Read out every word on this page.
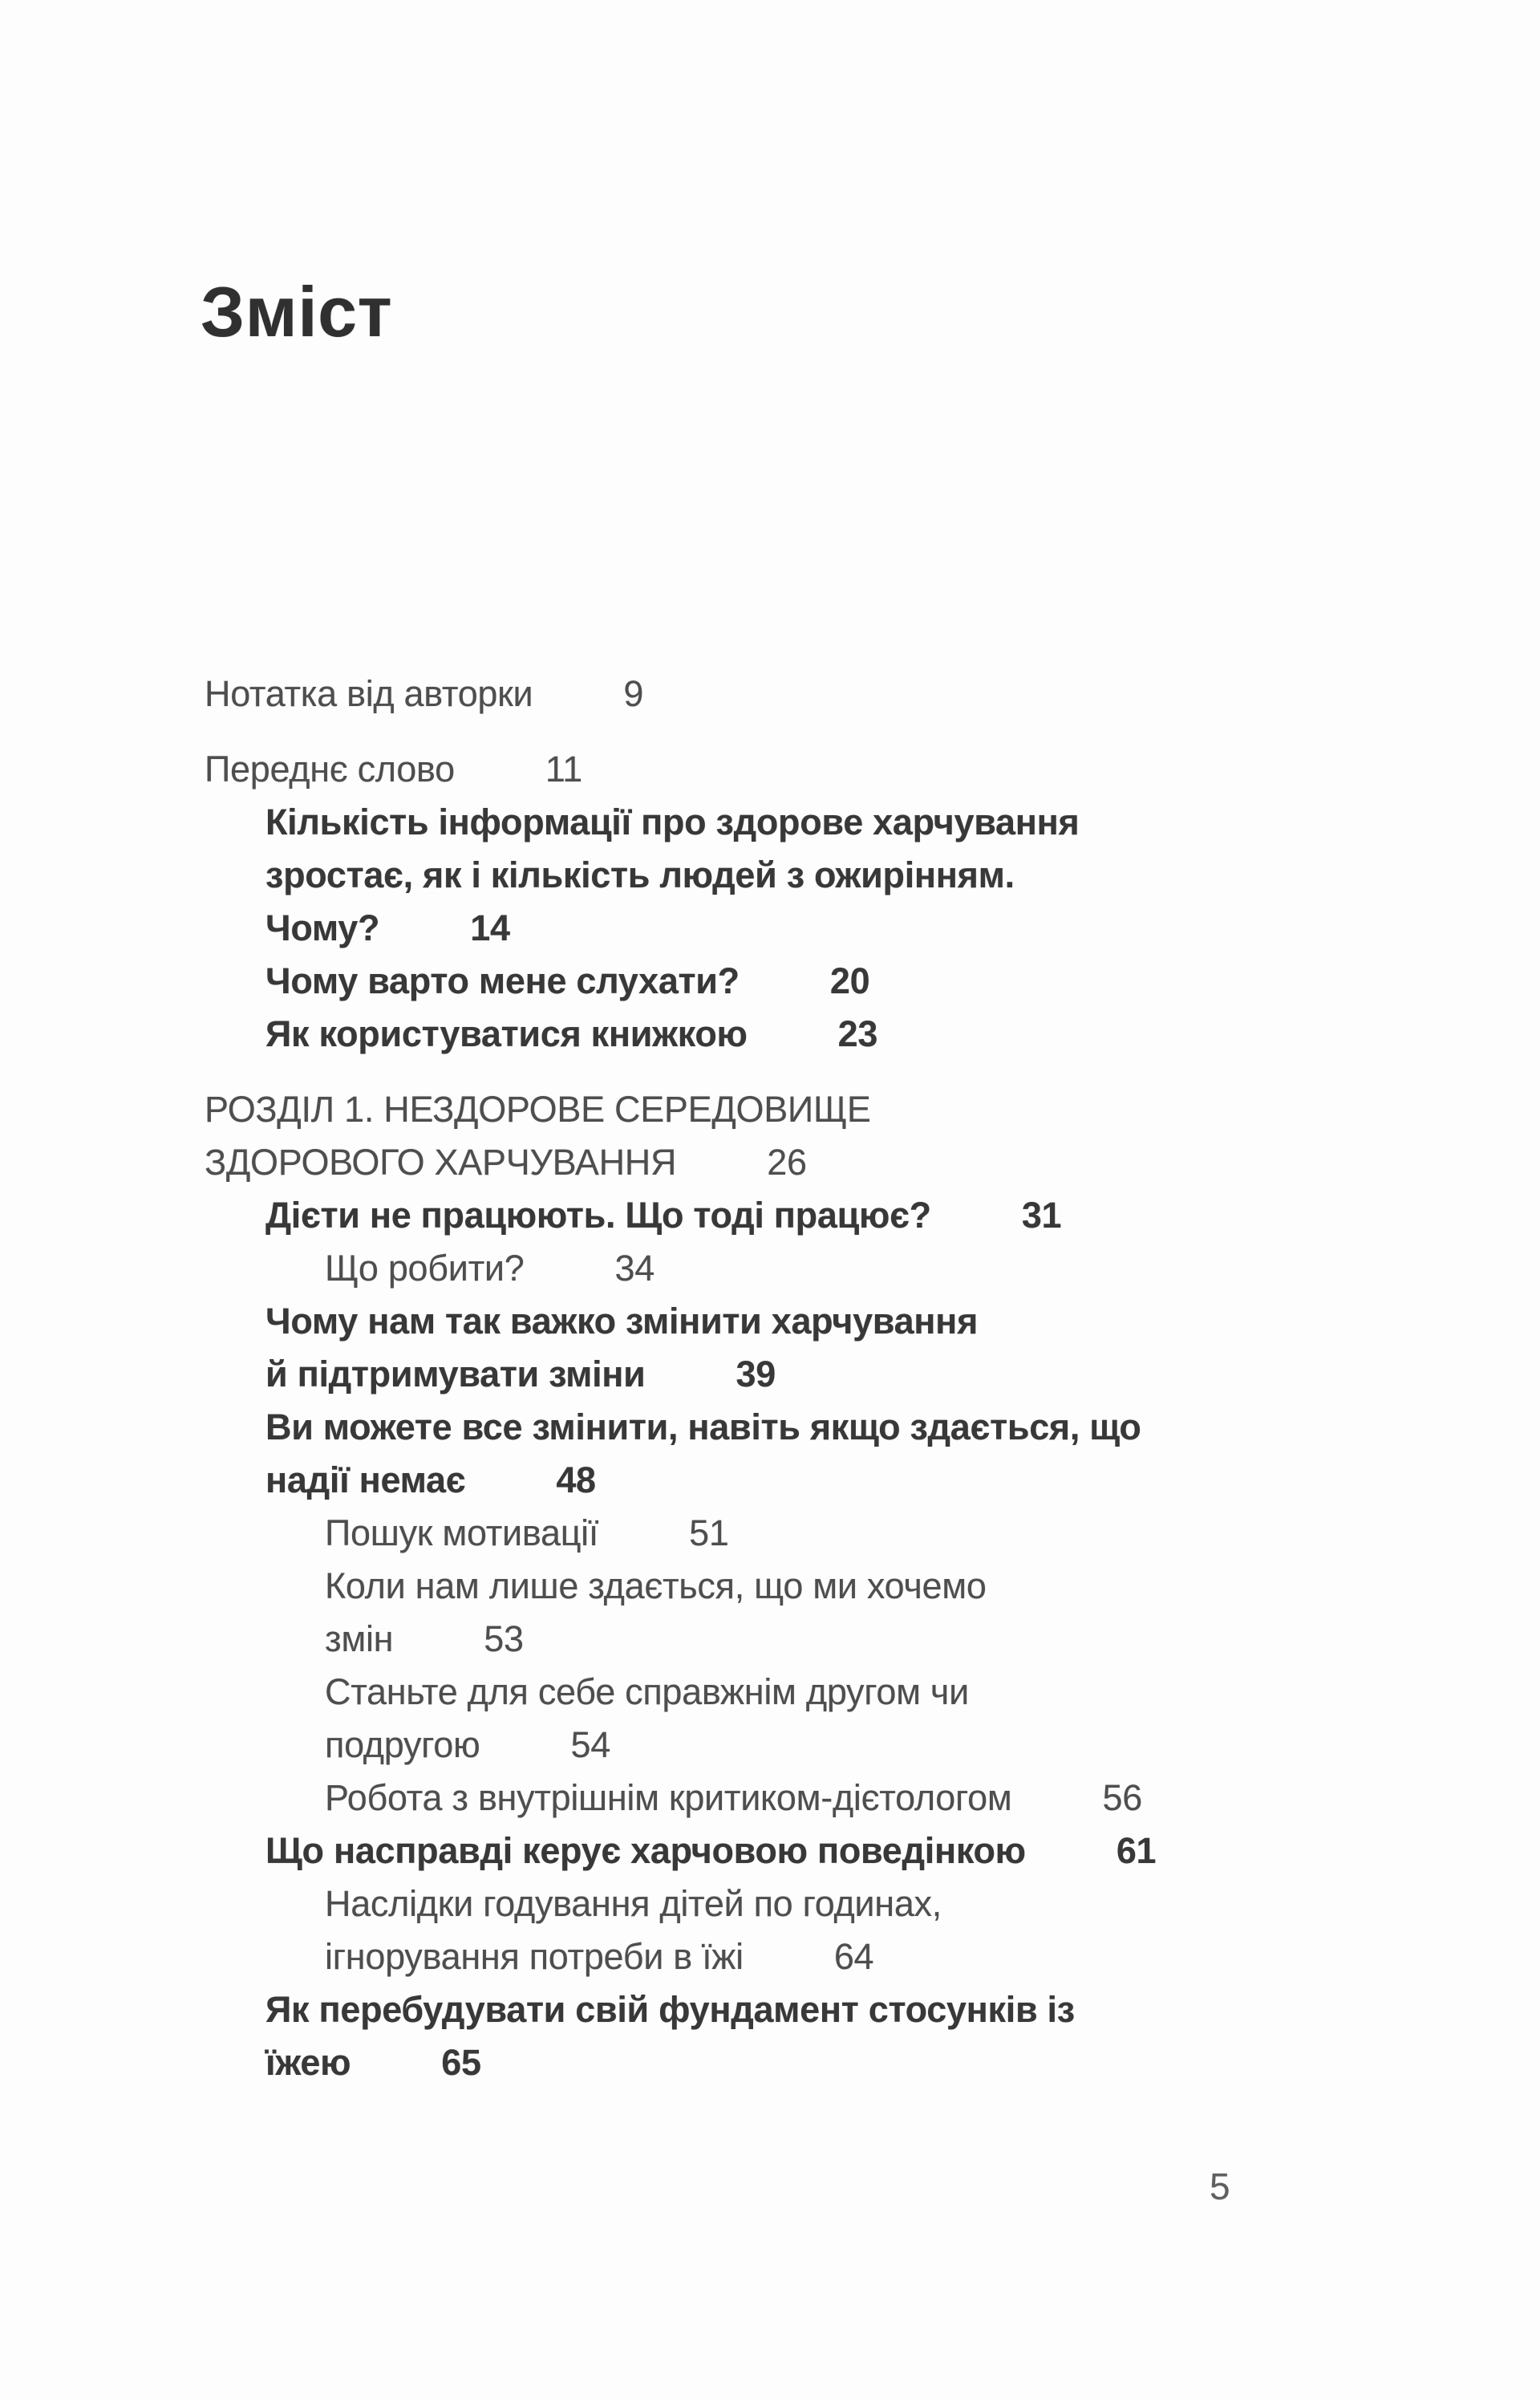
Зміст
Нотатка від авторки	9
Переднє слово	11
Кількість інформації про здорове харчування
зростає, як і кількість людей з ожирінням.
Чому?	14
Чому варто мене слухати?	20
Як користуватися книжкою	23
РОЗДІЛ 1. НЕЗДОРОВЕ СЕРЕДОВИЩЕ
ЗДОРОВОГО ХАРЧУВАННЯ	26
Дієти не працюють. Що тоді працює?	31
Що робити?	34
Чому нам так важко змінити харчування
й підтримувати зміни	39
Ви можете все змінити, навіть якщо здається, що
надії немає	48
Пошук мотивації	51
Коли нам лише здається, що ми хочемо
змін	53
Станьте для себе справжнім другом чи
подругою	54
Робота з внутрішнім критиком-дієтологом	56
Що насправді керує харчовою поведінкою	61
Наслідки годування дітей по годинах,
ігнорування потреби в їжі	64
Як перебудувати свій фундамент стосунків із
їжею	65
5
